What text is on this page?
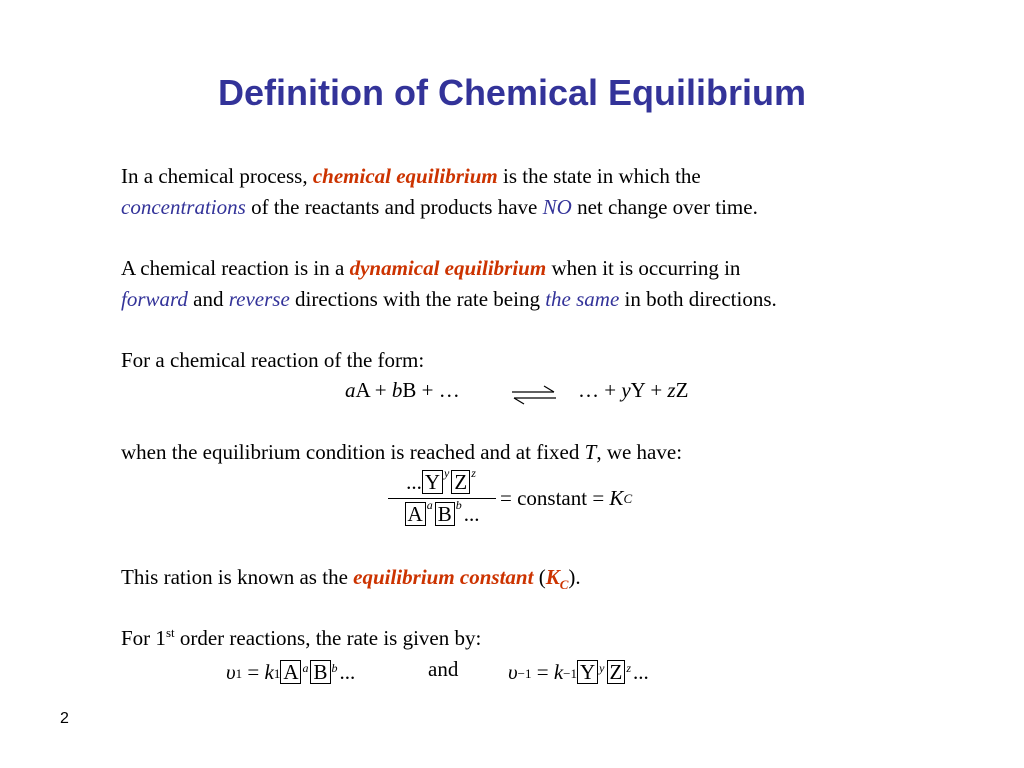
Definition of Chemical Equilibrium
In a chemical process, chemical equilibrium is the state in which the
concentrations of the reactants and products have NO net change over time.
A chemical reaction is in a dynamical equilibrium when it is occurring in
forward and reverse directions with the rate being the same in both directions.
For a chemical reaction of the form:
aA + bB + …	⇌ … + yY + zZ
when the equilibrium condition is reached and at fixed T, we have:
$\frac{\text{... Y y Z z}}{\text{A a B b ...}}$ = constant = K C
This ration is known as the equilibrium constant $(K_C)$.
For 1st order reactions, the rate is given by:
υ 1 = k 1 A a B b ...	and υ −1 = k −1 Y y Z z ...
2
